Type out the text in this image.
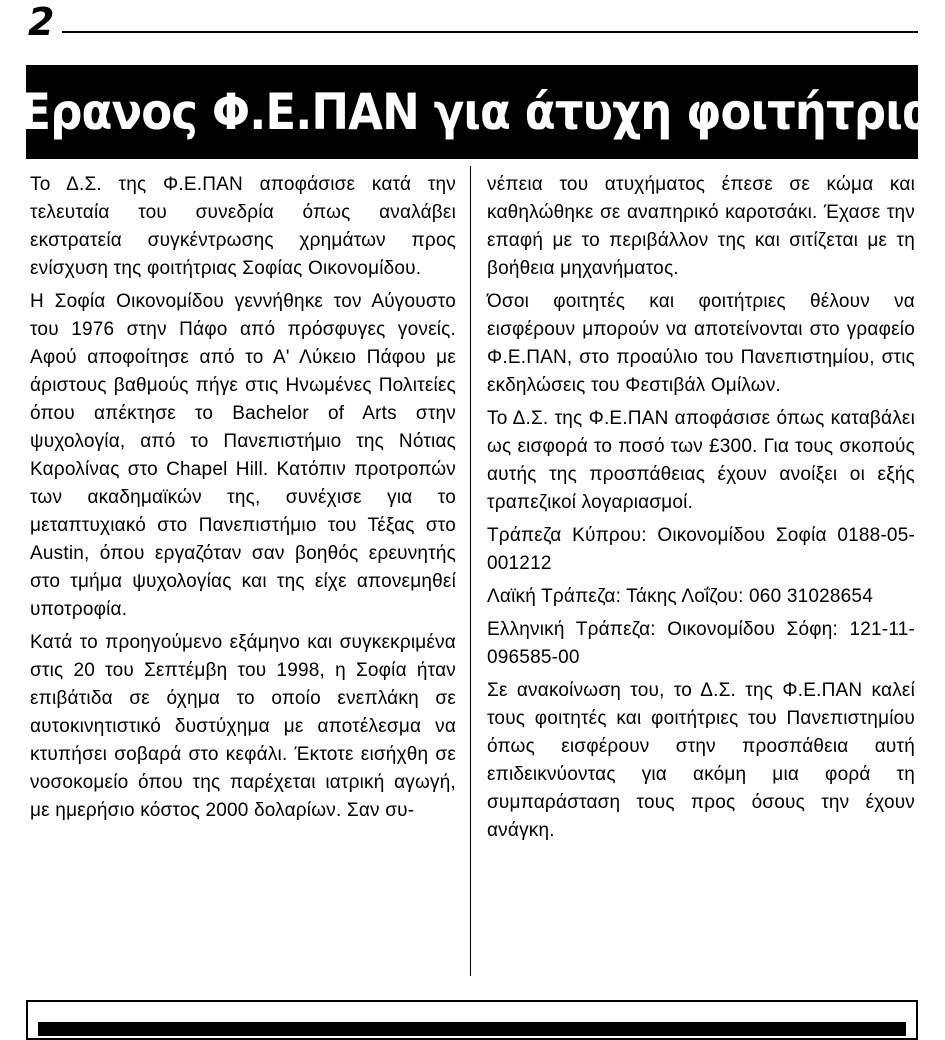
2
Έρανος Φ.Ε.ΠΑΝ για άτυχη φοιτήτρια

Το Δ.Σ. της Φ.Ε.ΠΑΝ αποφάσισε κατά την τελευταία του συνεδρία όπως αναλάβει εκστρατεία συγκέντρωσης χρημάτων προς ενίσχυση της φοιτήτριας Σοφίας Οικονομίδου.

Η Σοφία Οικονομίδου γεννήθηκε τον Αύγουστο του 1976 στην Πάφο από πρόσφυγες γονείς. Αφού αποφοίτησε από το Α' Λύκειο Πάφου με άριστους βαθμούς πήγε στις Ηνωμένες Πολιτείες όπου απέκτησε το Bachelor of Arts στην ψυχολογία, από το Πανεπιστήμιο της Νότιας Καρολίνας στο Chapel Hill. Κατόπιν προτροπών των ακαδημαϊκών της, συνέχισε για το μεταπτυχιακό στο Πανεπιστήμιο του Τέξας στο Austin, όπου εργαζόταν σαν βοηθός ερευνητής στο τμήμα ψυχολογίας και της είχε απονεμηθεί υποτροφία.

Κατά το προηγούμενο εξάμηνο και συγκεκριμένα στις 20 του Σεπτέμβη του 1998, η Σοφία ήταν επιβάτιδα σε όχημα το οποίο ενεπλάκη σε αυτοκινητιστικό δυστύχημα με αποτέλεσμα να κτυπήσει σοβαρά στο κεφάλι. Έκτοτε εισήχθη σε νοσοκομείο όπου της παρέχεται ιατρική αγωγή, με ημερήσιο κόστος 2000 δολαρίων. Σαν συ-

νέπεια του ατυχήματος έπεσε σε κώμα και καθηλώθηκε σε αναπηρικό καροτσάκι. Έχασε την επαφή με το περιβάλλον της και σιτίζεται με τη βοήθεια μηχανήματος.

Όσοι φοιτητές και φοιτήτριες θέλουν να εισφέρουν μπορούν να αποτείνονται στο γραφείο Φ.Ε.ΠΑΝ, στο προαύλιο του Πανεπιστημίου, στις εκδηλώσεις του Φεστιβάλ Ομίλων.

Το Δ.Σ. της Φ.Ε.ΠΑΝ αποφάσισε όπως καταβάλει ως εισφορά το ποσό των £300. Για τους σκοπούς αυτής της προσπάθειας έχουν ανοίξει οι εξής τραπεζικοί λογαριασμοί.

Τράπεζα Κύπρου: Οικονομίδου Σοφία 0188-05-001212

Λαϊκή Τράπεζα: Τάκης Λοΐζου: 060 31028654

Ελληνική Τράπεζα: Οικονομίδου Σόφη: 121-11-096585-00

Σε ανακοίνωση του, το Δ.Σ. της Φ.Ε.ΠΑΝ καλεί τους φοιτητές και φοιτήτριες του Πανεπιστημίου όπως εισφέρουν στην προσπάθεια αυτή επιδεικνύοντας για ακόμη μια φορά τη συμπαράσταση τους προς όσους την έχουν ανάγκη.
